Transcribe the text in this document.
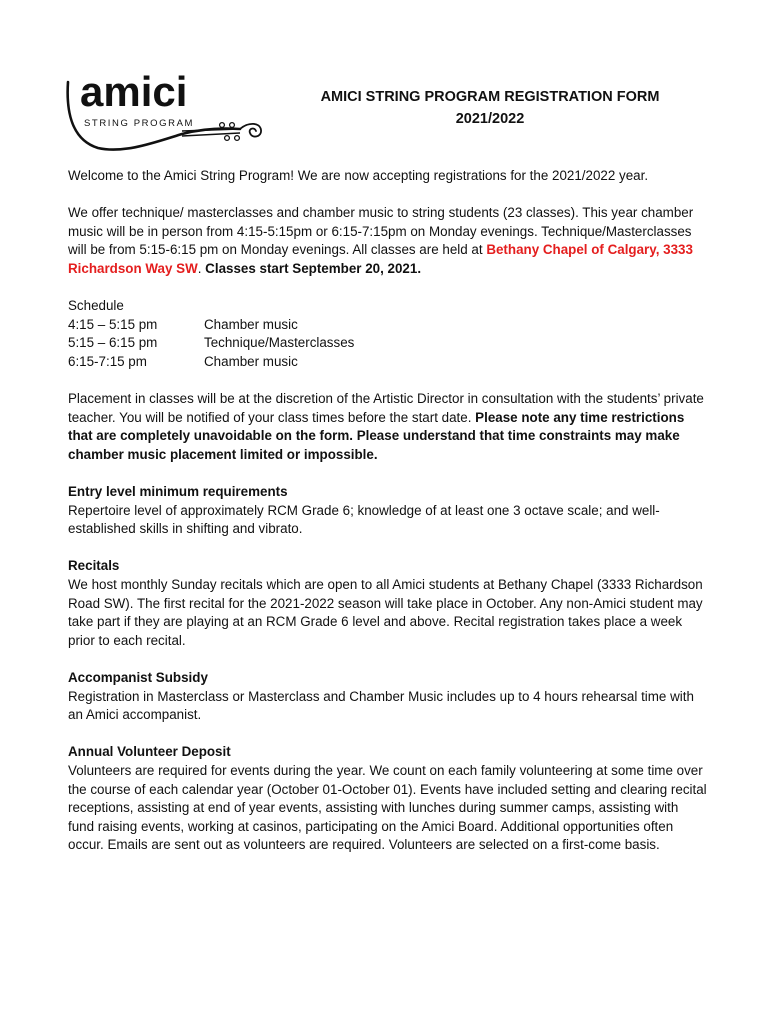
amici
STRING PROGRAM
AMICI STRING PROGRAM REGISTRATION FORM
2021/2022

Welcome to the Amici String Program! We are now accepting registrations for the 2021/2022 year.

We offer technique/ masterclasses and chamber music to string students (23 classes). This year chamber music will be in person from 4:15-5:15pm or 6:15-7:15pm on Monday evenings. Technique/Masterclasses will be from 5:15-6:15 pm on Monday evenings. All classes are held at Bethany Chapel of Calgary, 3333 Richardson Way SW. Classes start September 20, 2021.

Schedule

4:15 – 5:15 pm	Chamber music
5:15 – 6:15 pm	Technique/Masterclasses
6:15-7:15 pm	Chamber music

Placement in classes will be at the discretion of the Artistic Director in consultation with the students’ private teacher. You will be notified of your class times before the start date. Please note any time restrictions that are completely unavoidable on the form. Please understand that time constraints may make chamber music placement limited or impossible.

Entry level minimum requirements

Repertoire level of approximately RCM Grade 6; knowledge of at least one 3 octave scale; and well-established skills in shifting and vibrato.

Recitals

We host monthly Sunday recitals which are open to all Amici students at Bethany Chapel (3333 Richardson Road SW). The first recital for the 2021-2022 season will take place in October. Any non-Amici student may take part if they are playing at an RCM Grade 6 level and above. Recital registration takes place a week prior to each recital.

Accompanist Subsidy

Registration in Masterclass or Masterclass and Chamber Music includes up to 4 hours rehearsal time with an Amici accompanist.

Annual Volunteer Deposit

Volunteers are required for events during the year. We count on each family volunteering at some time over the course of each calendar year (October 01-October 01). Events have included setting and clearing recital receptions, assisting at end of year events, assisting with lunches during summer camps, assisting with fund raising events, working at casinos, participating on the Amici Board. Additional opportunities often occur. Emails are sent out as volunteers are required. Volunteers are selected on a first-come basis.
